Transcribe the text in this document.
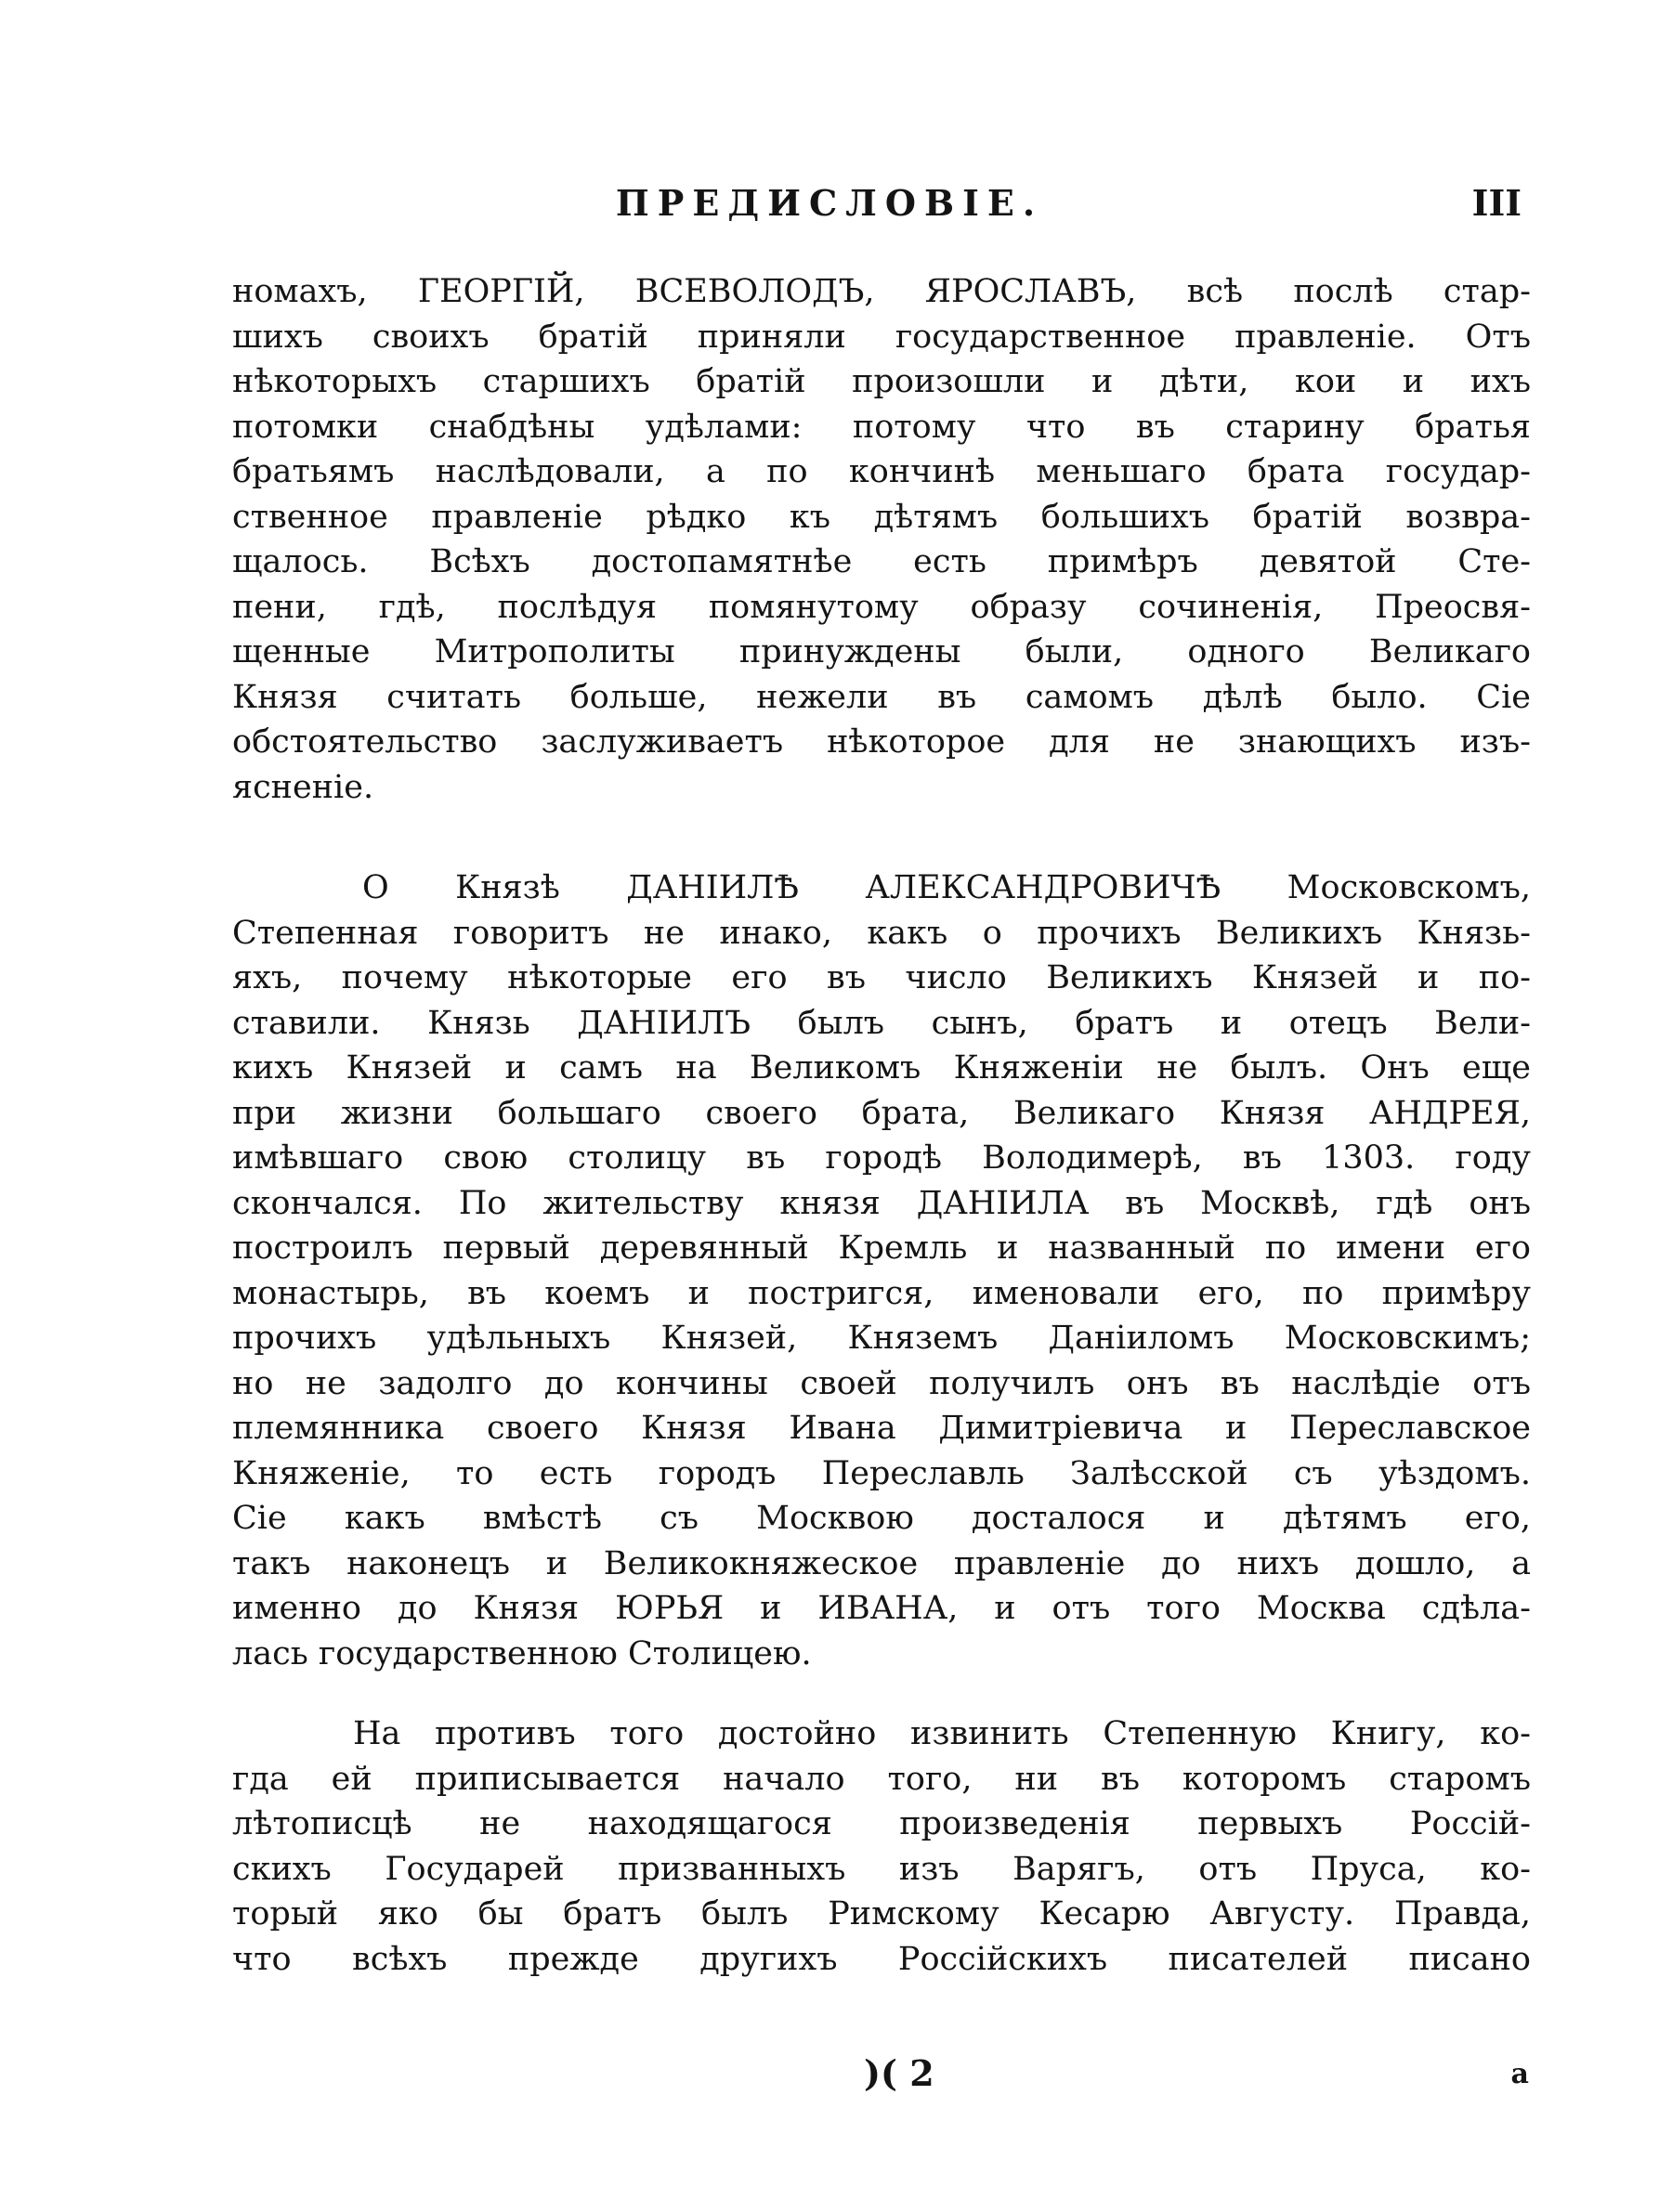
ПРЕДИСЛОВІЕ.	III
номахъ, ГЕОРГІЙ, ВСЕВОЛОДЪ, ЯРОСЛАВЪ, всѣ послѣ стар-
шихъ своихъ братій приняли государственное правленіе. Отъ
нѣкоторыхъ старшихъ братій произошли и дѣти, кои и ихъ
потомки снабдѣны удѣлами: потому что въ старину братья
братьямъ наслѣдовали, а по кончинѣ меньшаго брата государ-
ственное правленіе рѣдко къ дѣтямъ большихъ братій возвра-
щалось. Всѣхъ достопамятнѣе есть примѣръ девятой Сте-
пени, гдѣ, послѣдуя помянутому образу сочиненія, Преосвя-
щенные Митрополиты принуждены были, одного Великаго
Князя считать больше, нежели въ самомъ дѣлѣ было. Сіе
обстоятельство заслуживаетъ нѣкоторое для не знающихъ изъ-
ясненіе.
О Князѣ ДАНІИЛѢ АЛЕКСАНДРОВИЧѢ Московскомъ,
Степенная говоритъ не инако, какъ о прочихъ Великихъ Князь-
яхъ, почему нѣкоторые его въ число Великихъ Князей и по-
ставили. Князь ДАНІИЛЪ былъ сынъ, братъ и отецъ Вели-
кихъ Князей и самъ на Великомъ Княженіи не былъ. Онъ еще
при жизни большаго своего брата, Великаго Князя АНДРЕЯ,
имѣвшаго свою столицу въ городѣ Володимерѣ, въ 1303. году
скончался. По жительству князя ДАНІИЛА въ Москвѣ, гдѣ онъ
построилъ первый деревянный Кремль и названный по имени его
монастырь, въ коемъ и постригся, именовали его, по примѣру
прочихъ удѣльныхъ Князей, Княземъ Даніиломъ Московскимъ;
но не задолго до кончины своей получилъ онъ въ наслѣдіе отъ
племянника своего Князя Ивана Димитріевича и Переславское
Княженіе, то есть городъ Переславль Залѣсской съ уѣздомъ.
Сіе какъ вмѣстѣ съ Москвою досталося и дѣтямъ его,
такъ наконецъ и Великокняжеское правленіе до нихъ дошло, а
именно до Князя ЮРЬЯ и ИВАНА, и отъ того Москва сдѣла-
лась государственною Столицею.
На противъ того достойно извинить Степенную Книгу, ко-
гда ей приписывается начало того, ни въ которомъ старомъ
лѣтописцѣ не находящагося произведенія первыхъ Россій-
скихъ Государей призванныхъ изъ Варягъ, отъ Пруса, ко-
торый яко бы братъ былъ Римскому Кесарю Августу. Правда,
что всѣхъ прежде другихъ Россійскихъ писателей писано
)( 2	а
